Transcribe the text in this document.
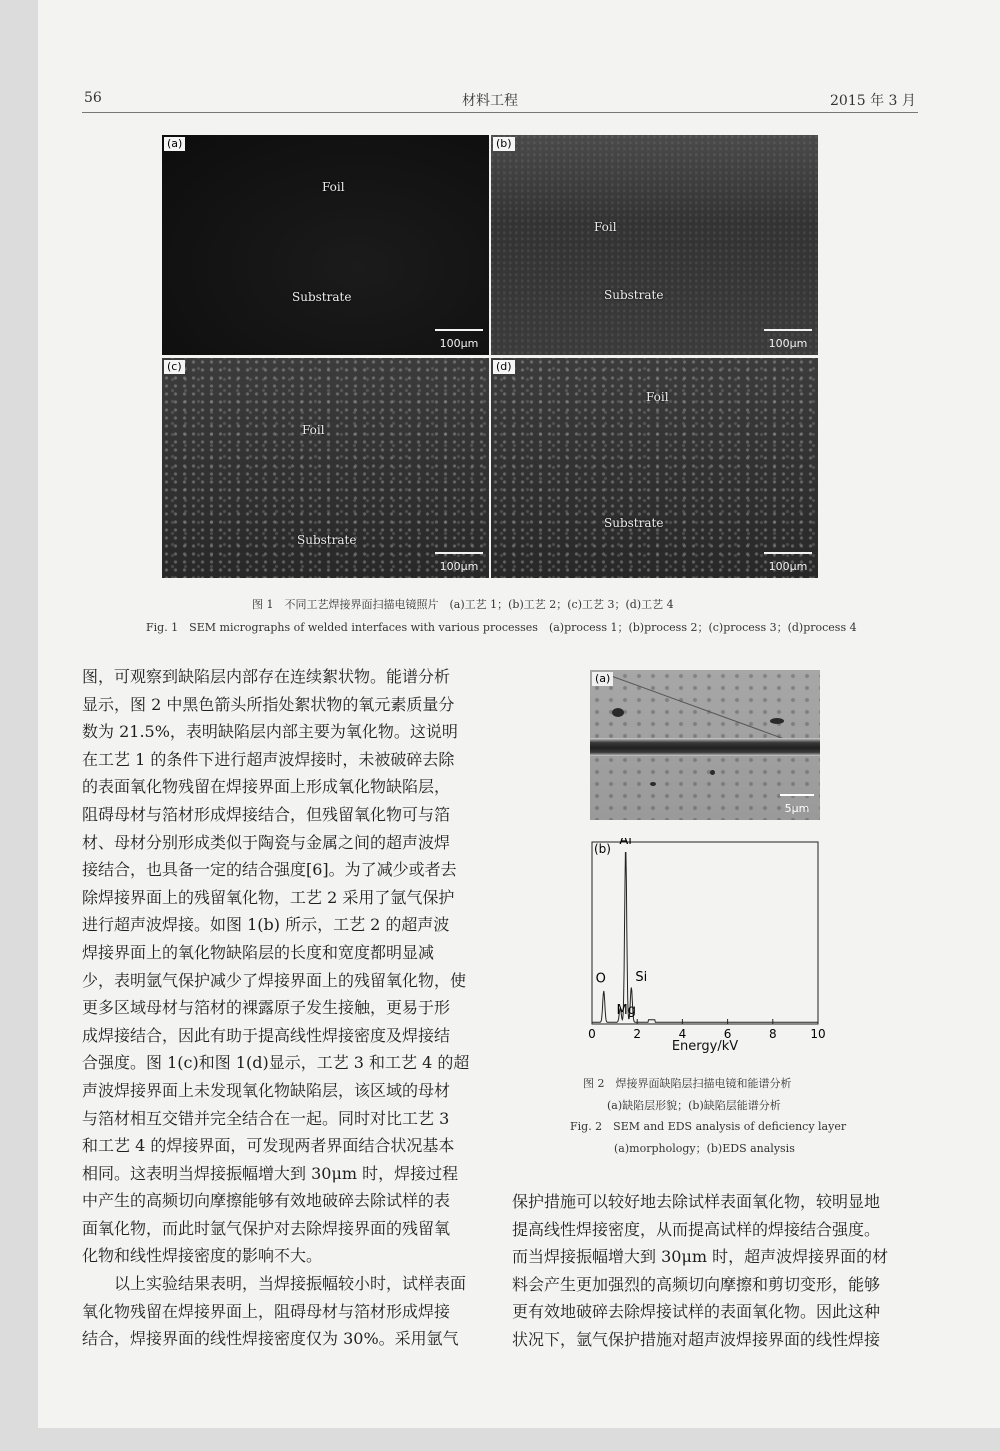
56	材料工程	2015 年 3 月
(a)
Foil
Substrate
100μm
(b)
Foil
Substrate
100μm
(c)
Foil
Substrate
100μm
(d)
Foil
Substrate
100μm
图 1　不同工艺焊接界面扫描电镜照片　(a)工艺 1；(b)工艺 2；(c)工艺 3；(d)工艺 4
Fig. 1　SEM micrographs of welded interfaces with various processes　(a)process 1；(b)process 2；(c)process 3；(d)process 4
图，可观察到缺陷层内部存在连续絮状物。能谱分析
显示，图 2 中黑色箭头所指处絮状物的氧元素质量分
数为 21.5%，表明缺陷层内部主要为氧化物。这说明
在工艺 1 的条件下进行超声波焊接时，未被破碎去除
的表面氧化物残留在焊接界面上形成氧化物缺陷层，
阻碍母材与箔材形成焊接结合，但残留氧化物可与箔
材、母材分别形成类似于陶瓷与金属之间的超声波焊
接结合，也具备一定的结合强度[6]。为了减少或者去
除焊接界面上的残留氧化物，工艺 2 采用了氩气保护
进行超声波焊接。如图 1(b) 所示，工艺 2 的超声波
焊接界面上的氧化物缺陷层的长度和宽度都明显减
少，表明氩气保护减少了焊接界面上的残留氧化物，使
更多区域母材与箔材的裸露原子发生接触，更易于形
成焊接结合，因此有助于提高线性焊接密度及焊接结
合强度。图 1(c)和图 1(d)显示，工艺 3 和工艺 4 的超
声波焊接界面上未发现氧化物缺陷层，该区域的母材
与箔材相互交错并完全结合在一起。同时对比工艺 3
和工艺 4 的焊接界面，可发现两者界面结合状况基本
相同。这表明当焊接振幅增大到 30μm 时，焊接过程
中产生的高频切向摩擦能够有效地破碎去除试样的表
面氧化物，而此时氩气保护对去除焊接界面的残留氧
化物和线性焊接密度的影响不大。
　　以上实验结果表明，当焊接振幅较小时，试样表面
氧化物残留在焊接界面上，阻碍母材与箔材形成焊接
结合，焊接界面的线性焊接密度仅为 30%。采用氩气
保护措施可以较好地去除试样表面氧化物，较明显地
提高线性焊接密度，从而提高试样的焊接结合强度。
而当焊接振幅增大到 30μm 时，超声波焊接界面的材
料会产生更加强烈的高频切向摩擦和剪切变形，能够
更有效地破碎去除焊接试样的表面氧化物。因此这种
状况下，氩气保护措施对超声波焊接界面的线性焊接
(a)
5μm
0	2	4	6	8	10
O
Mg
Al
Si
Energy/kV
(b)
图 2　焊接界面缺陷层扫描电镜和能谱分析
(a)缺陷层形貌；(b)缺陷层能谱分析
Fig. 2　SEM and EDS analysis of deficiency layer
(a)morphology；(b)EDS analysis
